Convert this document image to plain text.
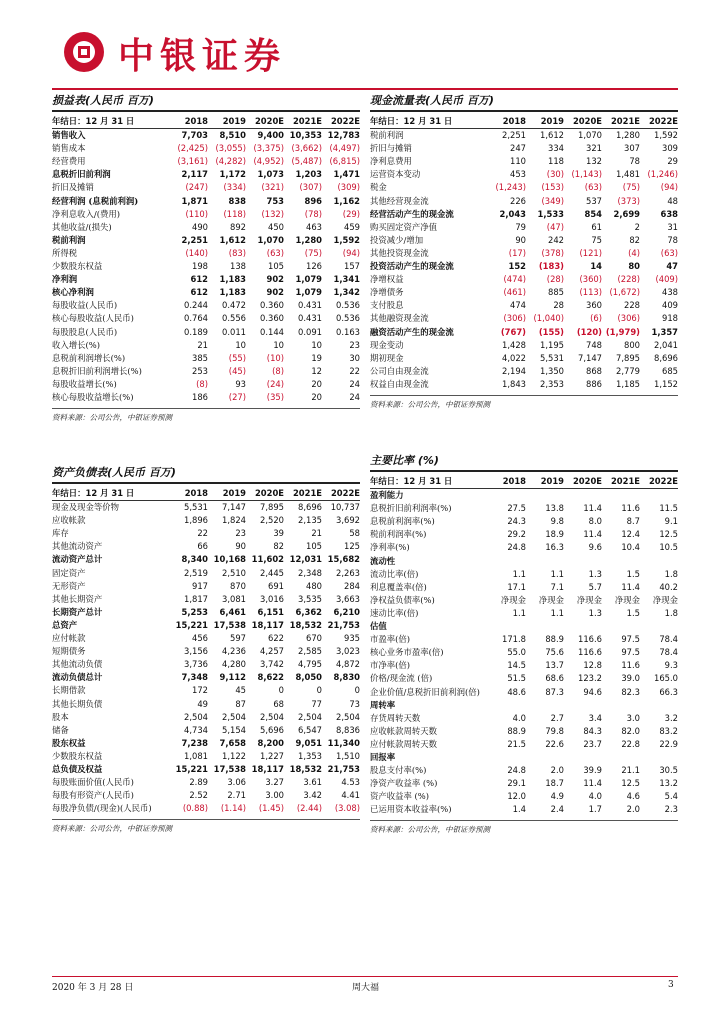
中银证券
损益表(人民币 百万)
年结日：12 月 31 日	2018	2019	2020E	2021E	2022E
销售收入	7,703	8,510	9,400	10,353	12,783
销售成本	(2,425)	(3,055)	(3,375)	(3,662)	(4,497)
经营费用	(3,161)	(4,282)	(4,952)	(5,487)	(6,815)
息税折旧前利润	2,117	1,172	1,073	1,203	1,471
折旧及摊销	(247)	(334)	(321)	(307)	(309)
经营利润 (息税前利润)	1,871	838	753	896	1,162
净利息收入/(费用)	(110)	(118)	(132)	(78)	(29)
其他收益/(损失)	490	892	450	463	459
税前利润	2,251	1,612	1,070	1,280	1,592
所得税	(140)	(83)	(63)	(75)	(94)
少数股东权益	198	138	105	126	157
净利润	612	1,183	902	1,079	1,341
核心净利润	612	1,183	902	1,079	1,342
每股收益(人民币)	0.244	0.472	0.360	0.431	0.536
核心每股收益(人民币)	0.764	0.556	0.360	0.431	0.536
每股股息(人民币)	0.189	0.011	0.144	0.091	0.163
收入增长(%)	21	10	10	10	23
息税前利润增长(%)	385	(55)	(10)	19	30
息税折旧前利润增长(%)	253	(45)	(8)	12	22
每股收益增长(%)	(8)	93	(24)	20	24
核心每股收益增长(%)	186	(27)	(35)	20	24
资料来源：公司公告，中银证券预测
资产负债表(人民币 百万)
年结日：12 月 31 日	2018	2019	2020E	2021E	2022E
现金及现金等价物	5,531	7,147	7,895	8,696	10,737
应收帐款	1,896	1,824	2,520	2,135	3,692
库存	22	23	39	21	58
其他流动资产	66	90	82	105	125
流动资产总计	8,340	10,168	11,602	12,031	15,682
固定资产	2,519	2,510	2,445	2,348	2,263
无形资产	917	870	691	480	284
其他长期资产	1,817	3,081	3,016	3,535	3,663
长期资产总计	5,253	6,461	6,151	6,362	6,210
总资产	15,221	17,538	18,117	18,532	21,753
应付帐款	456	597	622	670	935
短期债务	3,156	4,236	4,257	2,585	3,023
其他流动负债	3,736	4,280	3,742	4,795	4,872
流动负债总计	7,348	9,112	8,622	8,050	8,830
长期借款	172	45	0	0	0
其他长期负债	49	87	68	77	73
股本	2,504	2,504	2,504	2,504	2,504
储备	4,734	5,154	5,696	6,547	8,836
股东权益	7,238	7,658	8,200	9,051	11,340
少数股东权益	1,081	1,122	1,227	1,353	1,510
总负债及权益	15,221	17,538	18,117	18,532	21,753
每股账面价值(人民币)	2.89	3.06	3.27	3.61	4.53
每股有形资产(人民币)	2.52	2.71	3.00	3.42	4.41
每股净负债/(现金)(人民币)	(0.88)	(1.14)	(1.45)	(2.44)	(3.08)
资料来源：公司公告，中银证券预测
现金流量表(人民币 百万)
年结日：12 月 31 日	2018	2019	2020E	2021E	2022E
税前利润	2,251	1,612	1,070	1,280	1,592
折旧与摊销	247	334	321	307	309
净利息费用	110	118	132	78	29
运营资本变动	453	(30)	(1,143)	1,481	(1,246)
税金	(1,243)	(153)	(63)	(75)	(94)
其他经营现金流	226	(349)	537	(373)	48
经营活动产生的现金流	2,043	1,533	854	2,699	638
购买固定资产净值	79	(47)	61	2	31
投资减少/增加	90	242	75	82	78
其他投资现金流	(17)	(378)	(121)	(4)	(63)
投资活动产生的现金流	152	(183)	14	80	47
净增权益	(474)	(28)	(360)	(228)	(409)
净增债务	(461)	885	(113)	(1,672)	438
支付股息	474	28	360	228	409
其他融资现金流	(306)	(1,040)	(6)	(306)	918
融资活动产生的现金流	(767)	(155)	(120)	(1,979)	1,357
现金变动	1,428	1,195	748	800	2,041
期初现金	4,022	5,531	7,147	7,895	8,696
公司自由现金流	2,194	1,350	868	2,779	685
权益自由现金流	1,843	2,353	886	1,185	1,152
资料来源：公司公告，中银证券预测
主要比率 (%)
年结日：12 月 31 日	2018	2019	2020E	2021E	2022E
盈利能力					
息税折旧前利润率(%)	27.5	13.8	11.4	11.6	11.5
息税前利润率(%)	24.3	9.8	8.0	8.7	9.1
税前利润率(%)	29.2	18.9	11.4	12.4	12.5
净利率(%)	24.8	16.3	9.6	10.4	10.5
流动性					
流动比率(倍)	1.1	1.1	1.3	1.5	1.8
利息覆盖率(倍)	17.1	7.1	5.7	11.4	40.2
净权益负债率(%)	净现金	净现金	净现金	净现金	净现金
速动比率(倍)	1.1	1.1	1.3	1.5	1.8
估值					
市盈率(倍)	171.8	88.9	116.6	97.5	78.4
核心业务市盈率(倍)	55.0	75.6	116.6	97.5	78.4
市净率(倍)	14.5	13.7	12.8	11.6	9.3
价格/现金流 (倍)	51.5	68.6	123.2	39.0	165.0
企业价值/息税折旧前利润(倍)	48.6	87.3	94.6	82.3	66.3
周转率					
存货周转天数	4.0	2.7	3.4	3.0	3.2
应收帐款周转天数	88.9	79.8	84.3	82.0	83.2
应付帐款周转天数	21.5	22.6	23.7	22.8	22.9
回报率					
股息支付率(%)	24.8	2.0	39.9	21.1	30.5
净资产收益率 (%)	29.1	18.7	11.4	12.5	13.2
资产收益率 (%)	12.0	4.9	4.0	4.6	5.4
已运用资本收益率(%)	1.4	2.4	1.7	2.0	2.3
资料来源：公司公告，中银证券预测
2020 年 3 月 28 日	周大福	3
